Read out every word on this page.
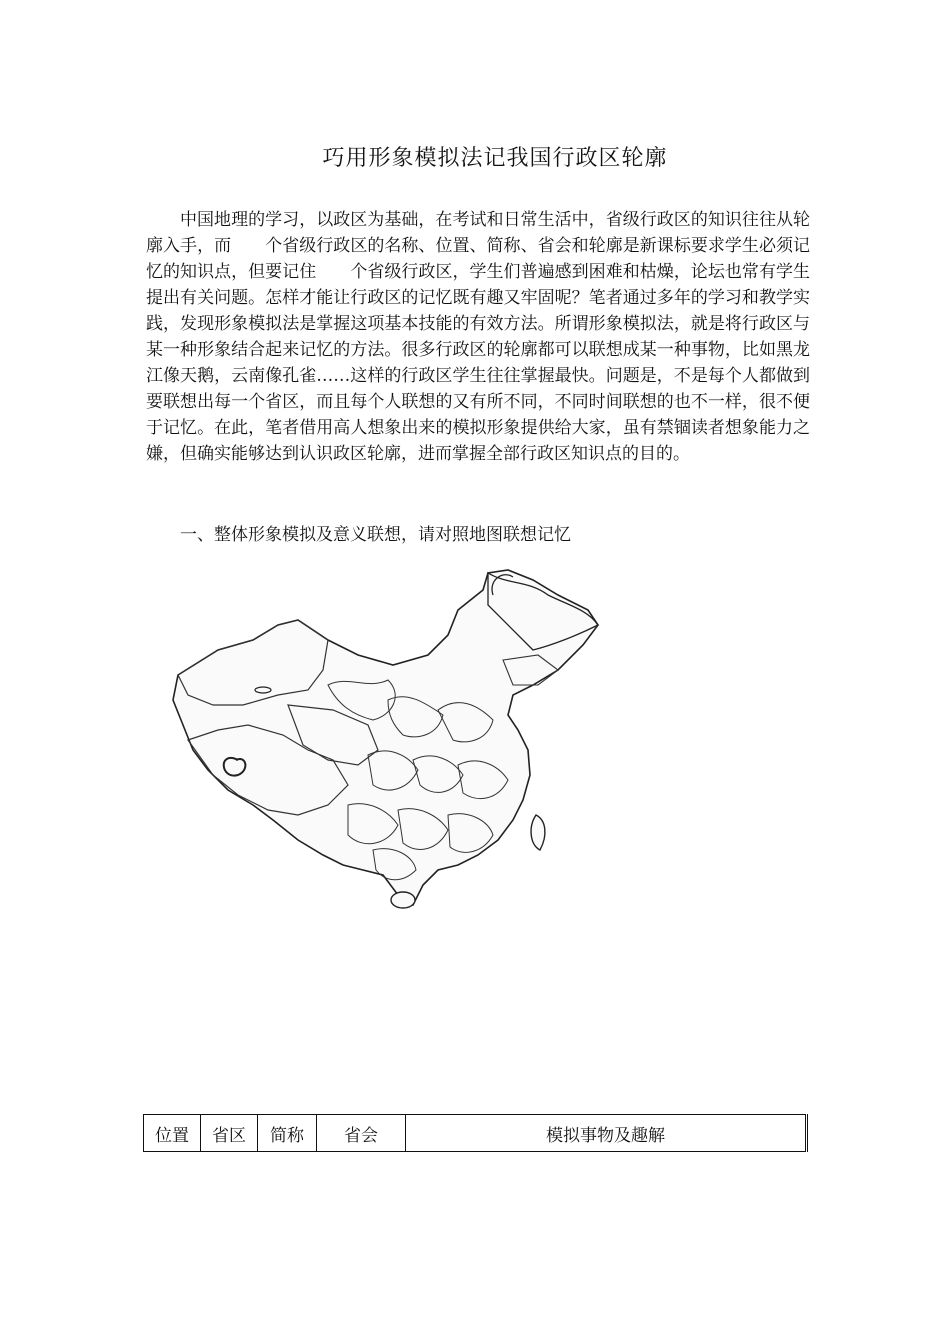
巧用形象模拟法记我国行政区轮廓

中国地理的学习，以政区为基础，在考试和日常生活中，省级行政区的知识往往从轮廓入手，而　　个省级行政区的名称、位置、简称、省会和轮廓是新课标要求学生必须记忆的知识点，但要记住　　个省级行政区，学生们普遍感到困难和枯燥，论坛也常有学生提出有关问题。怎样才能让行政区的记忆既有趣又牢固呢？笔者通过多年的学习和教学实践，发现形象模拟法是掌握这项基本技能的有效方法。所谓形象模拟法，就是将行政区与某一种形象结合起来记忆的方法。很多行政区的轮廓都可以联想成某一种事物，比如黑龙江像天鹅，云南像孔雀……这样的行政区学生往往掌握最快。问题是，不是每个人都做到要联想出每一个省区，而且每个人联想的又有所不同，不同时间联想的也不一样，很不便于记忆。在此，笔者借用高人想象出来的模拟形象提供给大家，虽有禁锢读者想象能力之嫌，但确实能够达到认识政区轮廓，进而掌握全部行政区知识点的目的。

一、整体形象模拟及意义联想，请对照地图联想记忆
位置	省区	简称	省会	模拟事物及趣解
